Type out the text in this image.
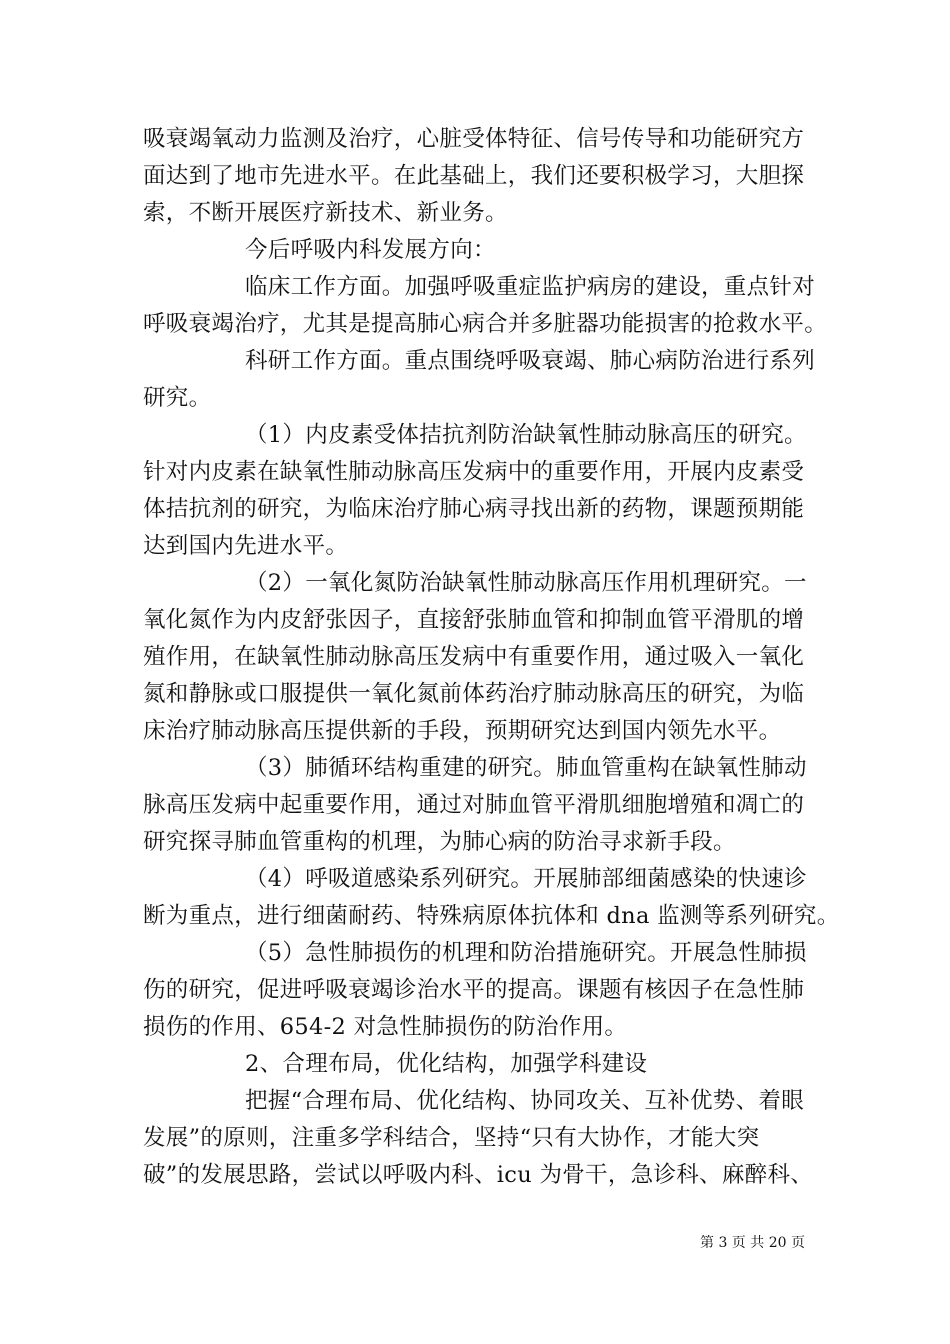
吸衰竭氧动力监测及治疗，心脏受体特征、信号传导和功能研究方
面达到了地市先进水平。在此基础上，我们还要积极学习，大胆探
索，不断开展医疗新技术、新业务。
今后呼吸内科发展方向：
临床工作方面。加强呼吸重症监护病房的建设，重点针对
呼吸衰竭治疗，尤其是提高肺心病合并多脏器功能损害的抢救水平。
科研工作方面。重点围绕呼吸衰竭、肺心病防治进行系列
研究。
（1）内皮素受体拮抗剂防治缺氧性肺动脉高压的研究。
针对内皮素在缺氧性肺动脉高压发病中的重要作用，开展内皮素受
体拮抗剂的研究，为临床治疗肺心病寻找出新的药物，课题预期能
达到国内先进水平。
（2）一氧化氮防治缺氧性肺动脉高压作用机理研究。一
氧化氮作为内皮舒张因子，直接舒张肺血管和抑制血管平滑肌的增
殖作用，在缺氧性肺动脉高压发病中有重要作用，通过吸入一氧化
氮和静脉或口服提供一氧化氮前体药治疗肺动脉高压的研究，为临
床治疗肺动脉高压提供新的手段，预期研究达到国内领先水平。
（3）肺循环结构重建的研究。肺血管重构在缺氧性肺动
脉高压发病中起重要作用，通过对肺血管平滑肌细胞增殖和凋亡的
研究探寻肺血管重构的机理，为肺心病的防治寻求新手段。
（4）呼吸道感染系列研究。开展肺部细菌感染的快速诊
断为重点，进行细菌耐药、特殊病原体抗体和 dna 监测等系列研究。
（5）急性肺损伤的机理和防治措施研究。开展急性肺损
伤的研究，促进呼吸衰竭诊治水平的提高。课题有核因子在急性肺
损伤的作用、654-2 对急性肺损伤的防治作用。
2、合理布局，优化结构，加强学科建设
把握“合理布局、优化结构、协同攻关、互补优势、着眼
发展”的原则，注重多学科结合，坚持“只有大协作，才能大突
破”的发展思路，尝试以呼吸内科、icu 为骨干，急诊科、麻醉科、
第 3 页 共 20 页
